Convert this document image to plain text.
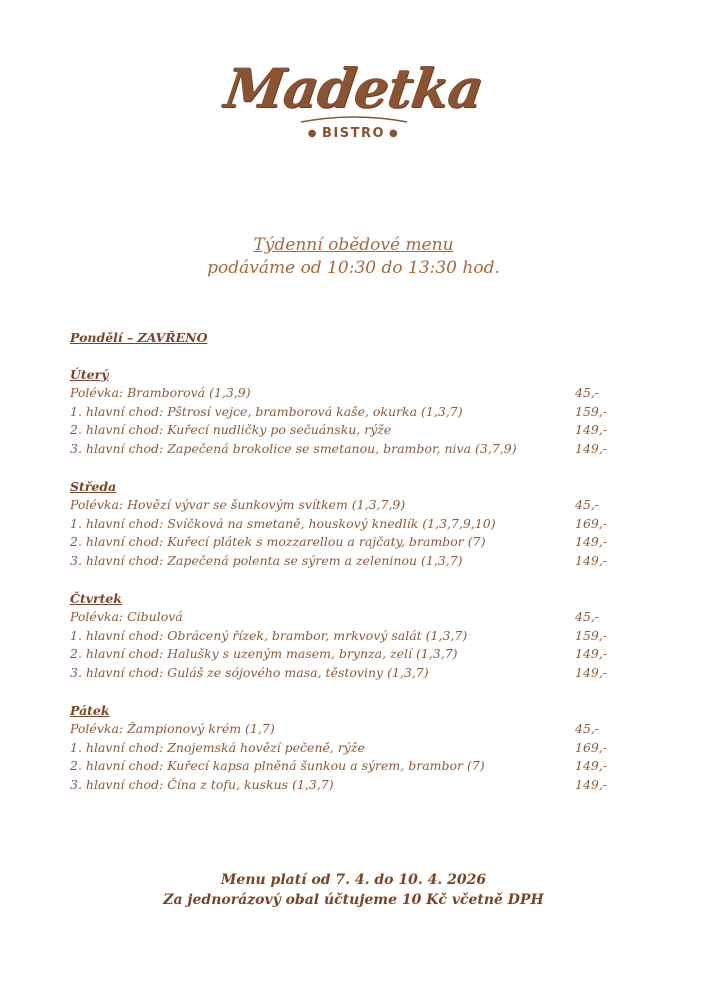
Madetka
● BISTRO ●
Týdenní obědové menu
podáváme od 10:30 do 13:30 hod.
Pondělí – ZAVŘENO
Úterý
Polévka: Bramborová (1,3,9)	45,-
1. hlavní chod: Pštrosí vejce, bramborová kaše, okurka (1,3,7)	159,-
2. hlavní chod: Kuřecí nudličky po sečuánsku, rýže	149,-
3. hlavní chod: Zapečená brokolice se smetanou, brambor, niva (3,7,9)	149,-
Středa
Polévka: Hovězí vývar se šunkovým svítkem (1,3,7,9)	45,-
1. hlavní chod: Svíčková na smetaně, houskový knedlík (1,3,7,9,10)	169,-
2. hlavní chod: Kuřecí plátek s mozzarellou a rajčaty, brambor (7)	149,-
3. hlavní chod: Zapečená polenta se sýrem a zeleninou (1,3,7)	149,-
Čtvrtek
Polévka: Cibulová	45,-
1. hlavní chod: Obrácený řízek, brambor, mrkvový salát (1,3,7)	159,-
2. hlavní chod: Halušky s uzeným masem, brynza, zelí (1,3,7)	149,-
3. hlavní chod: Guláš ze sójového masa, těstoviny (1,3,7)	149,-
Pátek
Polévka: Žampionový krém (1,7)	45,-
1. hlavní chod: Znojemská hovězí pečeně, rýže	169,-
2. hlavní chod: Kuřecí kapsa plněná šunkou a sýrem, brambor (7)	149,-
3. hlavní chod: Čína z tofu, kuskus (1,3,7)	149,-
Menu platí od 7. 4. do 10. 4. 2026
Za jednorázový obal účtujeme 10 Kč včetně DPH
